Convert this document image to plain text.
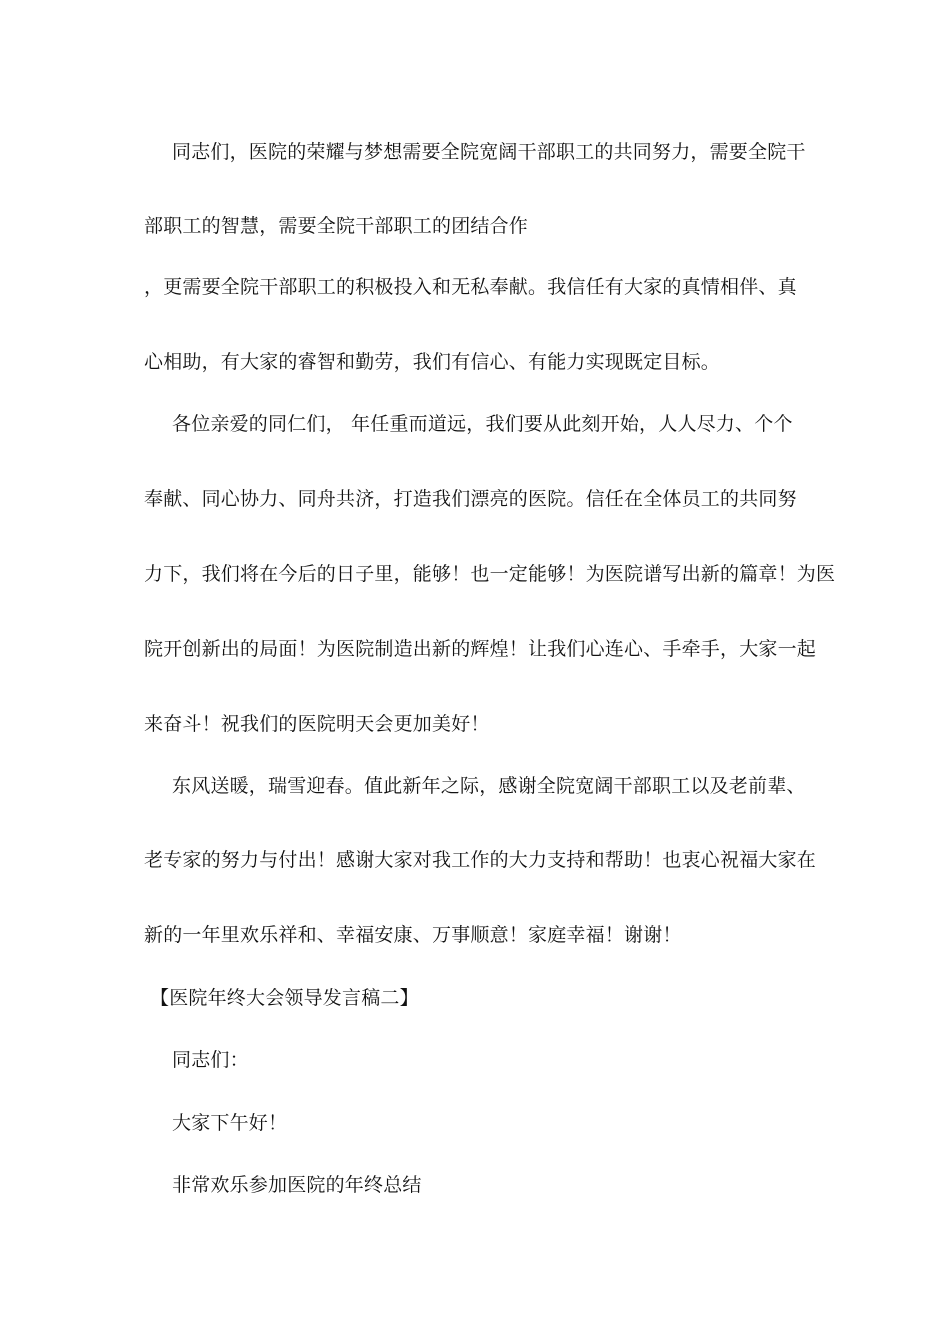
同志们，医院的荣耀与梦想需要全院宽阔干部职工的共同努力，需要全院干

部职工的智慧，需要全院干部职工的团结合作

，更需要全院干部职工的积极投入和无私奉献。我信任有大家的真情相伴、真

心相助，有大家的睿智和勤劳，我们有信心、有能力实现既定目标。

各位亲爱的同仁们， 年任重而道远，我们要从此刻开始，人人尽力、个个

奉献、同心协力、同舟共济，打造我们漂亮的医院。信任在全体员工的共同努

力下，我们将在今后的日子里，能够！也一定能够！为医院谱写出新的篇章！为医

院开创新出的局面！为医院制造出新的辉煌！让我们心连心、手牵手，大家一起

来奋斗！祝我们的医院明天会更加美好！

东风送暖，瑞雪迎春。值此新年之际，感谢全院宽阔干部职工以及老前辈、

老专家的努力与付出！感谢大家对我工作的大力支持和帮助！也衷心祝福大家在

新的一年里欢乐祥和、幸福安康、万事顺意！家庭幸福！谢谢！

【医院年终大会领导发言稿二】

同志们：

大家下午好！

非常欢乐参加医院的年终总结
